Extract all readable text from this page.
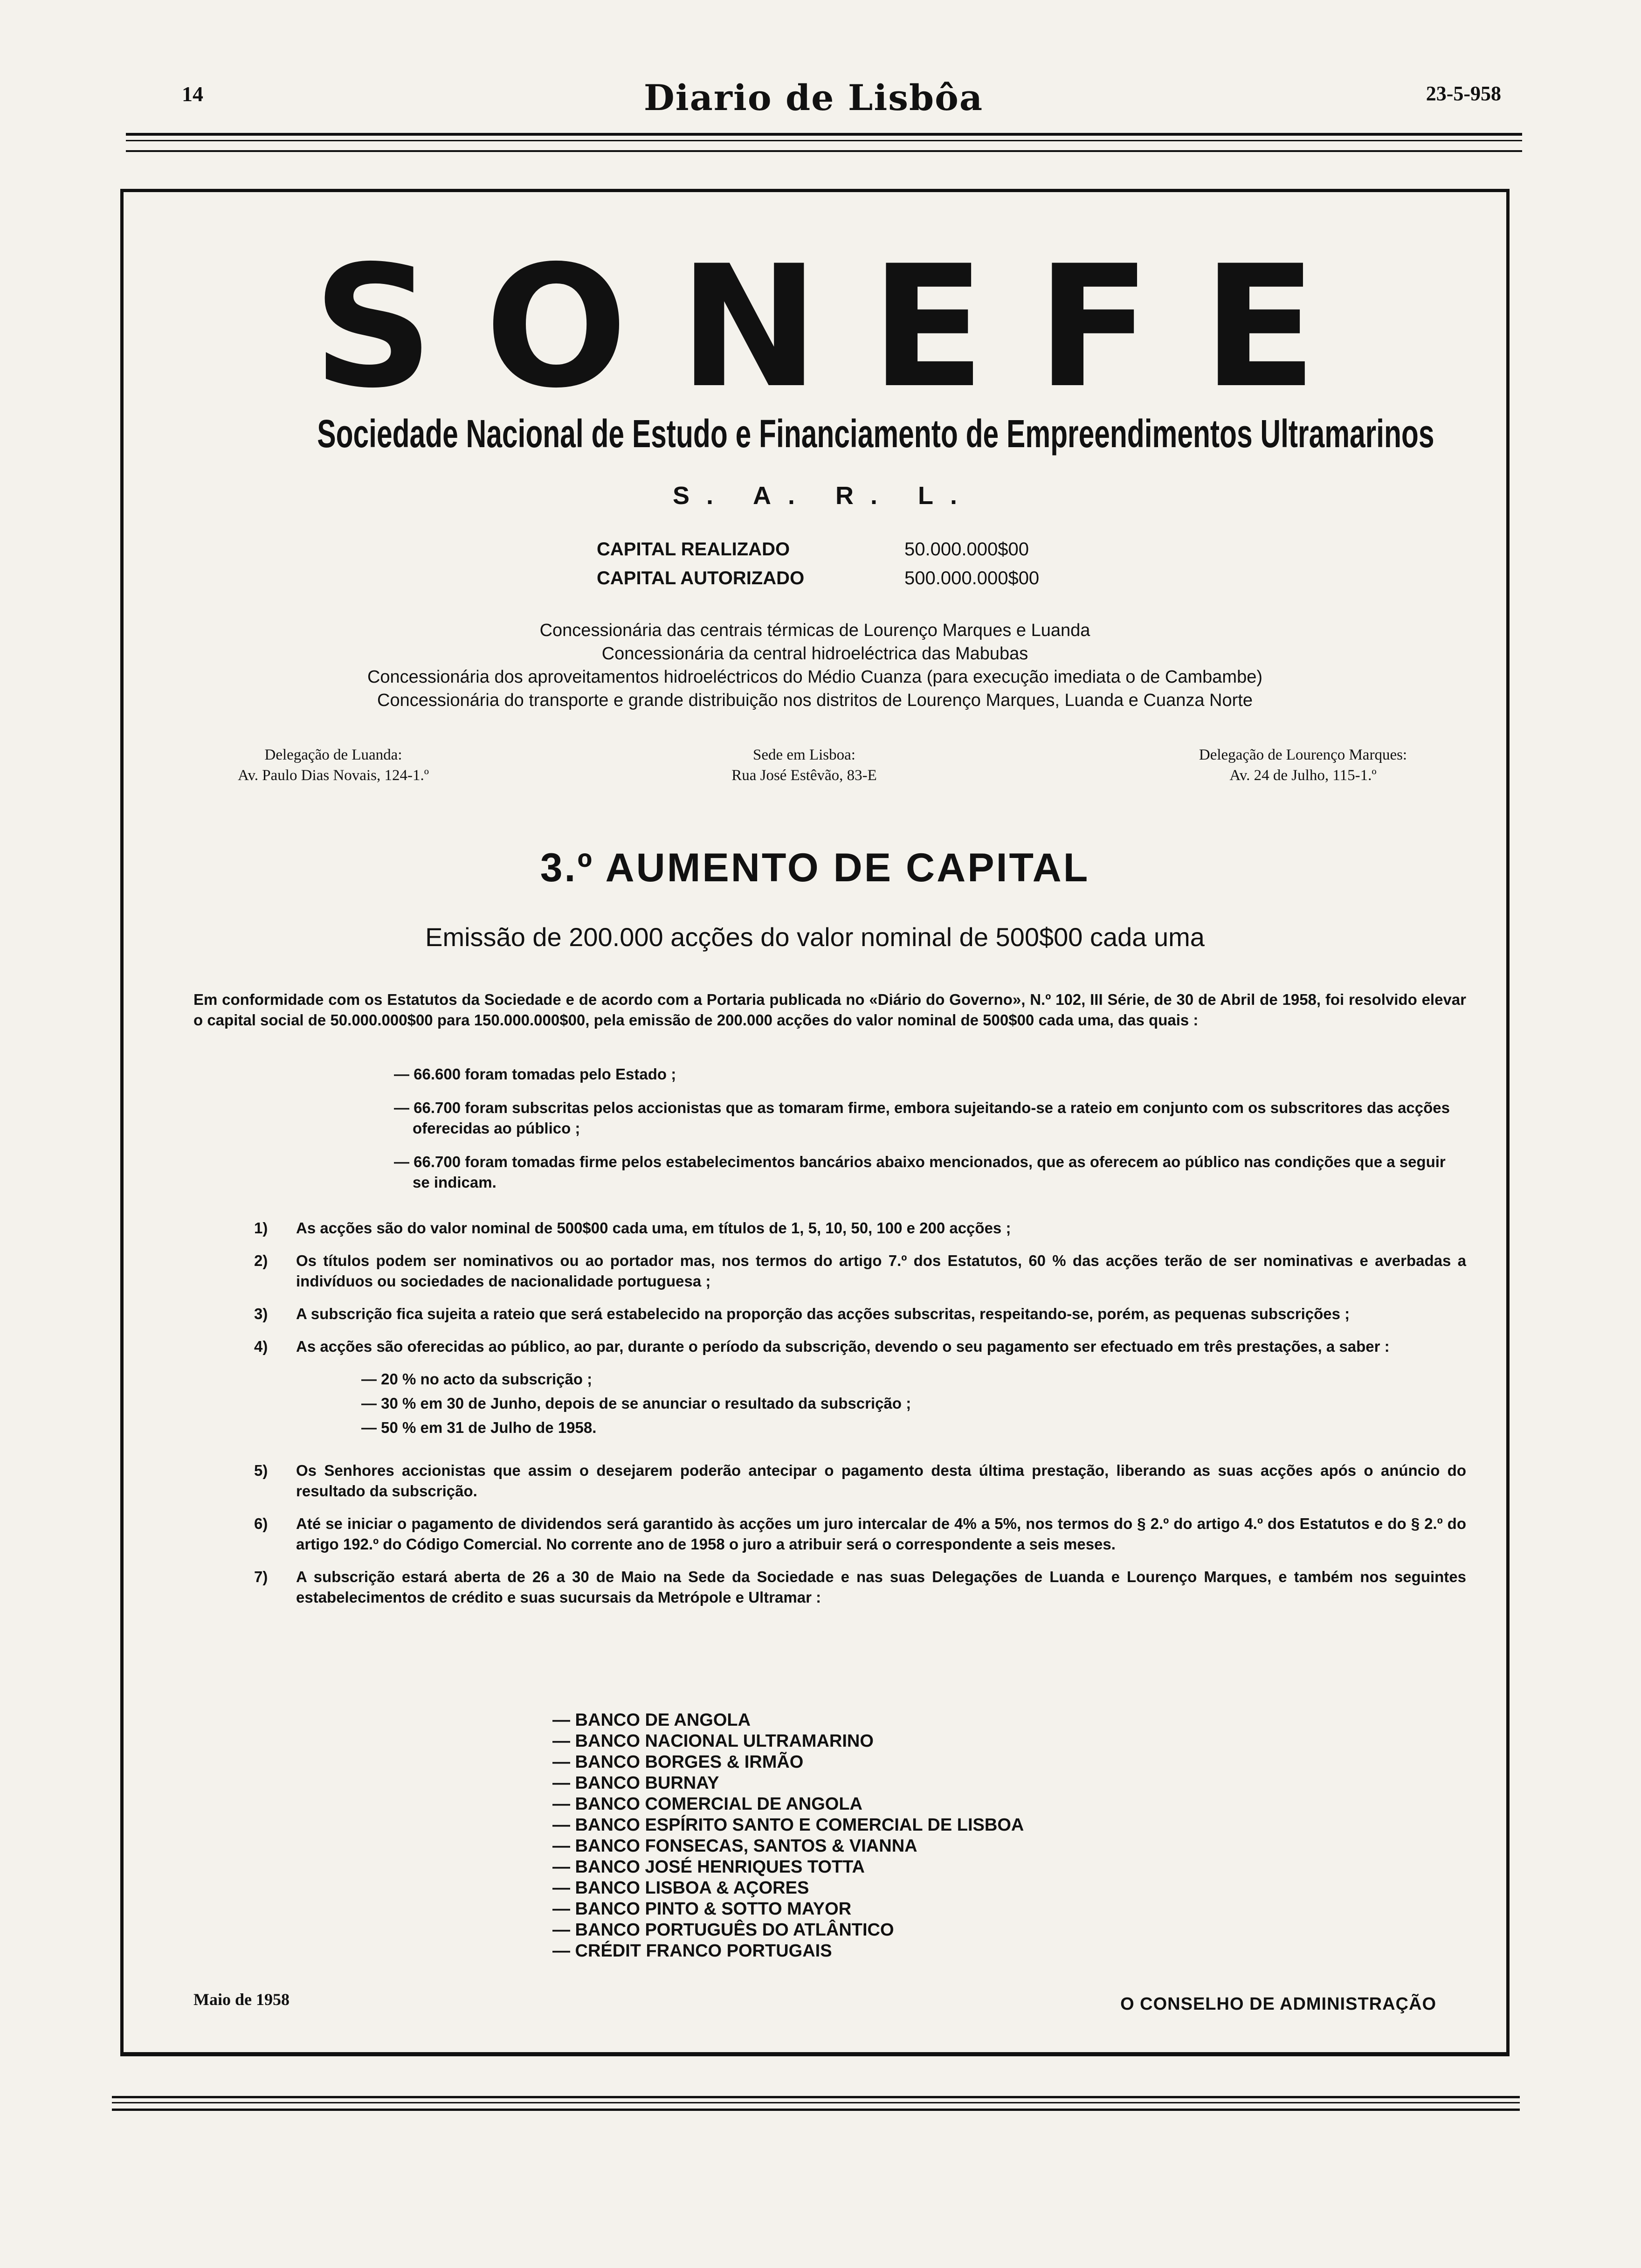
14	Diario de Lisbôa	23-5-958
SONEFE
Sociedade Nacional de Estudo e Financiamento de Empreendimentos Ultramarinos
S. A. R. L.
CAPITAL REALIZADO	50.000.000$00
CAPITAL AUTORIZADO	500.000.000$00
Concessionária das centrais térmicas de Lourenço Marques e Luanda
Concessionária da central hidroeléctrica das Mabubas
Concessionária dos aproveitamentos hidroeléctricos do Médio Cuanza (para execução imediata o de Cambambe)
Concessionária do transporte e grande distribuição nos distritos de Lourenço Marques, Luanda e Cuanza Norte
Delegação de Luanda:
Av. Paulo Dias Novais, 124-1.º
Sede em Lisboa:
Rua José Estêvão, 83-E
Delegação de Lourenço Marques:
Av. 24 de Julho, 115-1.º
3.º AUMENTO DE CAPITAL
Emissão de 200.000 acções do valor nominal de 500$00 cada uma
Em conformidade com os Estatutos da Sociedade e de acordo com a Portaria publicada no «Diário do Governo», N.º 102, III Série, de 30 de Abril de 1958, foi resolvido elevar o capital social de 50.000.000$00 para 150.000.000$00, pela emissão de 200.000 acções do valor nominal de 500$00 cada uma, das quais :

— 66.600 foram tomadas pelo Estado ;

— 66.700 foram subscritas pelos accionistas que as tomaram firme, embora sujeitando-se a rateio em conjunto com os subscritores das acções oferecidas ao público ;

— 66.700 foram tomadas firme pelos estabelecimentos bancários abaixo mencionados, que as oferecem ao público nas condições que a seguir se indicam.

1)	As acções são do valor nominal de 500$00 cada uma, em títulos de 1, 5, 10, 50, 100 e 200 acções ;
2)	Os títulos podem ser nominativos ou ao portador mas, nos termos do artigo 7.º dos Estatutos, 60 % das acções terão de ser nominativas e averbadas a indivíduos ou sociedades de nacionalidade portuguesa ;
3)	A subscrição fica sujeita a rateio que será estabelecido na proporção das acções subscritas, respeitando-se, porém, as pequenas subscrições ;
4)	As acções são oferecidas ao público, ao par, durante o período da subscrição, devendo o seu pagamento ser efectuado em três prestações, a saber :
— 20 % no acto da subscrição ;
— 30 % em 30 de Junho, depois de se anunciar o resultado da subscrição ;
— 50 % em 31 de Julho de 1958.
5)	Os Senhores accionistas que assim o desejarem poderão antecipar o pagamento desta última prestação, liberando as suas acções após o anúncio do resultado da subscrição.
6)	Até se iniciar o pagamento de dividendos será garantido às acções um juro intercalar de 4% a 5%, nos termos do § 2.º do artigo 4.º dos Estatutos e do § 2.º do artigo 192.º do Código Comercial. No corrente ano de 1958 o juro a atribuir será o correspondente a seis meses.
7)	A subscrição estará aberta de 26 a 30 de Maio na Sede da Sociedade e nas suas Delegações de Luanda e Lourenço Marques, e também nos seguintes estabelecimentos de crédito e suas sucursais da Metrópole e Ultramar :
— BANCO DE ANGOLA
— BANCO NACIONAL ULTRAMARINO
— BANCO BORGES & IRMÃO
— BANCO BURNAY
— BANCO COMERCIAL DE ANGOLA
— BANCO ESPÍRITO SANTO E COMERCIAL DE LISBOA
— BANCO FONSECAS, SANTOS & VIANNA
— BANCO JOSÉ HENRIQUES TOTTA
— BANCO LISBOA & AÇORES
— BANCO PINTO & SOTTO MAYOR
— BANCO PORTUGUÊS DO ATLÂNTICO
— CRÉDIT FRANCO PORTUGAIS
Maio de 1958	O CONSELHO DE ADMINISTRAÇÃO
